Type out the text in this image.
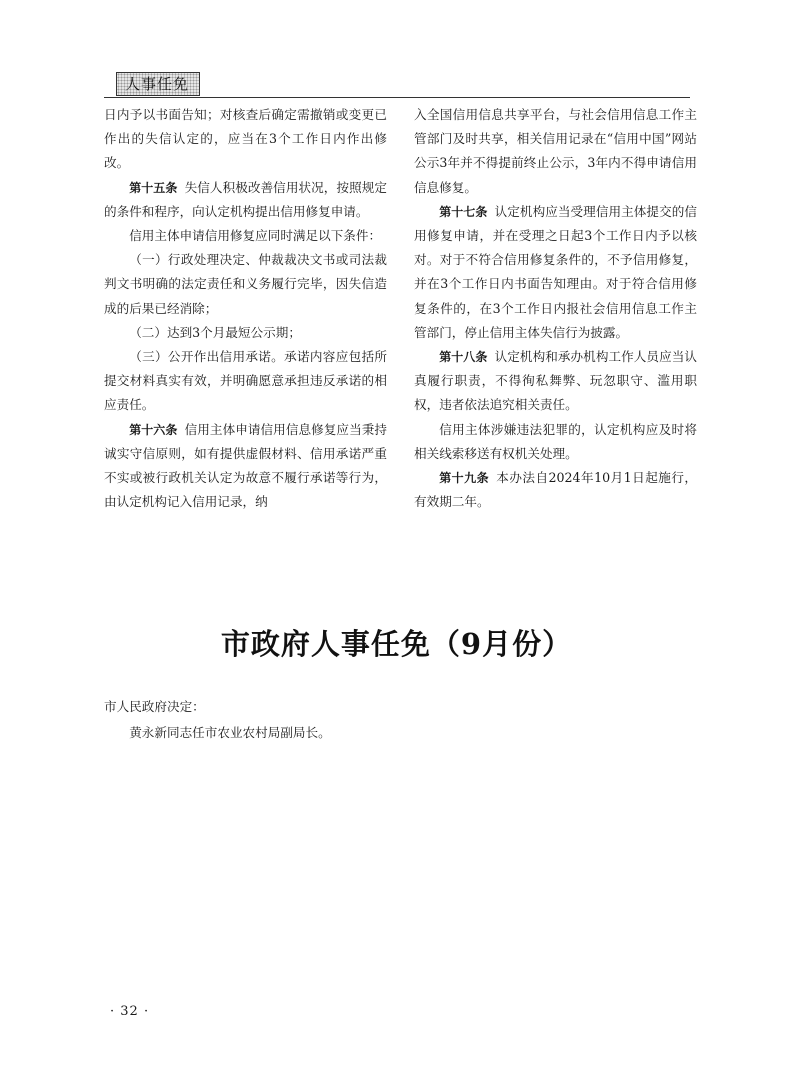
人事任免

日内予以书面告知；对核查后确定需撤销或变更已作出的失信认定的，应当在3个工作日内作出修改。

第十五条 失信人积极改善信用状况，按照规定的条件和程序，向认定机构提出信用修复申请。

信用主体申请信用修复应同时满足以下条件：

（一）行政处理决定、仲裁裁决文书或司法裁判文书明确的法定责任和义务履行完毕，因失信造成的后果已经消除；

（二）达到3个月最短公示期；

（三）公开作出信用承诺。承诺内容应包括所提交材料真实有效，并明确愿意承担违反承诺的相应责任。

第十六条 信用主体申请信用信息修复应当秉持诚实守信原则，如有提供虚假材料、信用承诺严重不实或被行政机关认定为故意不履行承诺等行为，由认定机构记入信用记录，纳

入全国信用信息共享平台，与社会信用信息工作主管部门及时共享，相关信用记录在“信用中国”网站公示3年并不得提前终止公示，3年内不得申请信用信息修复。

第十七条 认定机构应当受理信用主体提交的信用修复申请，并在受理之日起3个工作日内予以核对。对于不符合信用修复条件的，不予信用修复，并在3个工作日内书面告知理由。对于符合信用修复条件的，在3个工作日内报社会信用信息工作主管部门，停止信用主体失信行为披露。

第十八条 认定机构和承办机构工作人员应当认真履行职责，不得徇私舞弊、玩忽职守、滥用职权，违者依法追究相关责任。

信用主体涉嫌违法犯罪的，认定机构应及时将相关线索移送有权机关处理。

第十九条 本办法自2024年10月1日起施行，有效期二年。

市政府人事任免（9月份）

市人民政府决定：

黄永新同志任市农业农村局副局长。

· 32 ·
